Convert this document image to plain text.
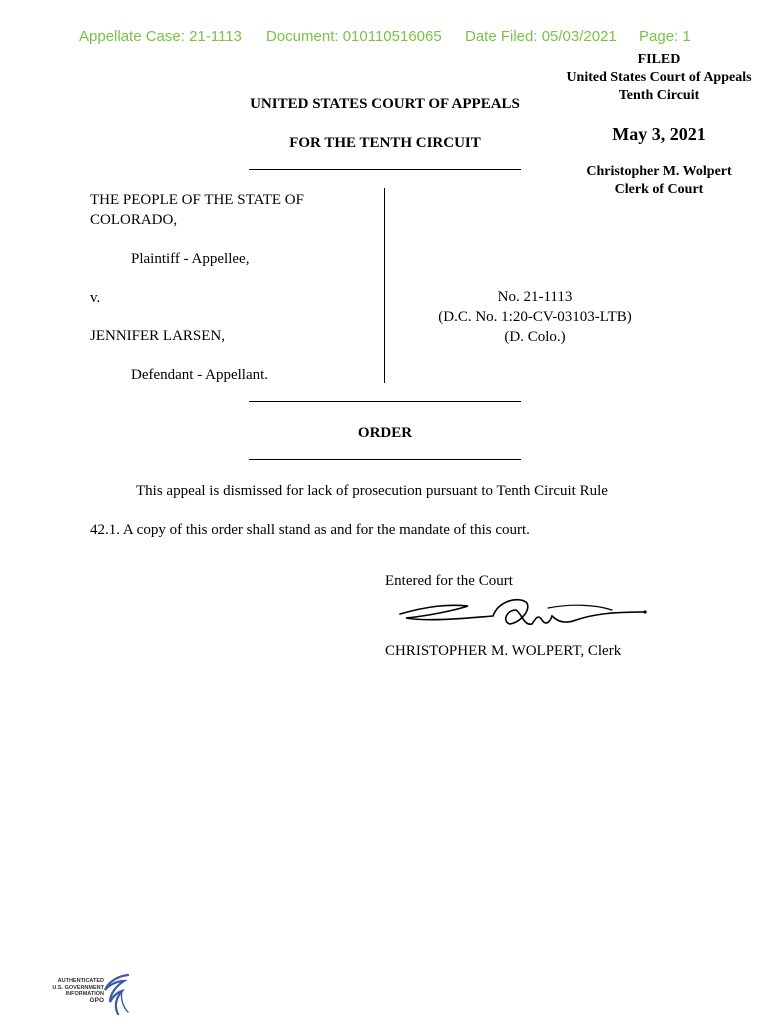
Appellate Case: 21-1113 Document: 010110516065 Date Filed: 05/03/2021 Page: 1
FILED
United States Court of Appeals
Tenth Circuit
May 3, 2021
Christopher M. Wolpert
Clerk of Court
UNITED STATES COURT OF APPEALS
FOR THE TENTH CIRCUIT
THE PEOPLE OF THE STATE OF
COLORADO,
Plaintiff - Appellee,
v.
JENNIFER LARSEN,
Defendant - Appellant.
No. 21-1113
(D.C. No. 1:20-CV-03103-LTB)
(D. Colo.)
ORDER
This appeal is dismissed for lack of prosecution pursuant to Tenth Circuit Rule
42.1. A copy of this order shall stand as and for the mandate of this court.
Entered for the Court
CHRISTOPHER M. WOLPERT, Clerk
AUTHENTICATED
U.S. GOVERNMENT
INFORMATION
GPO
